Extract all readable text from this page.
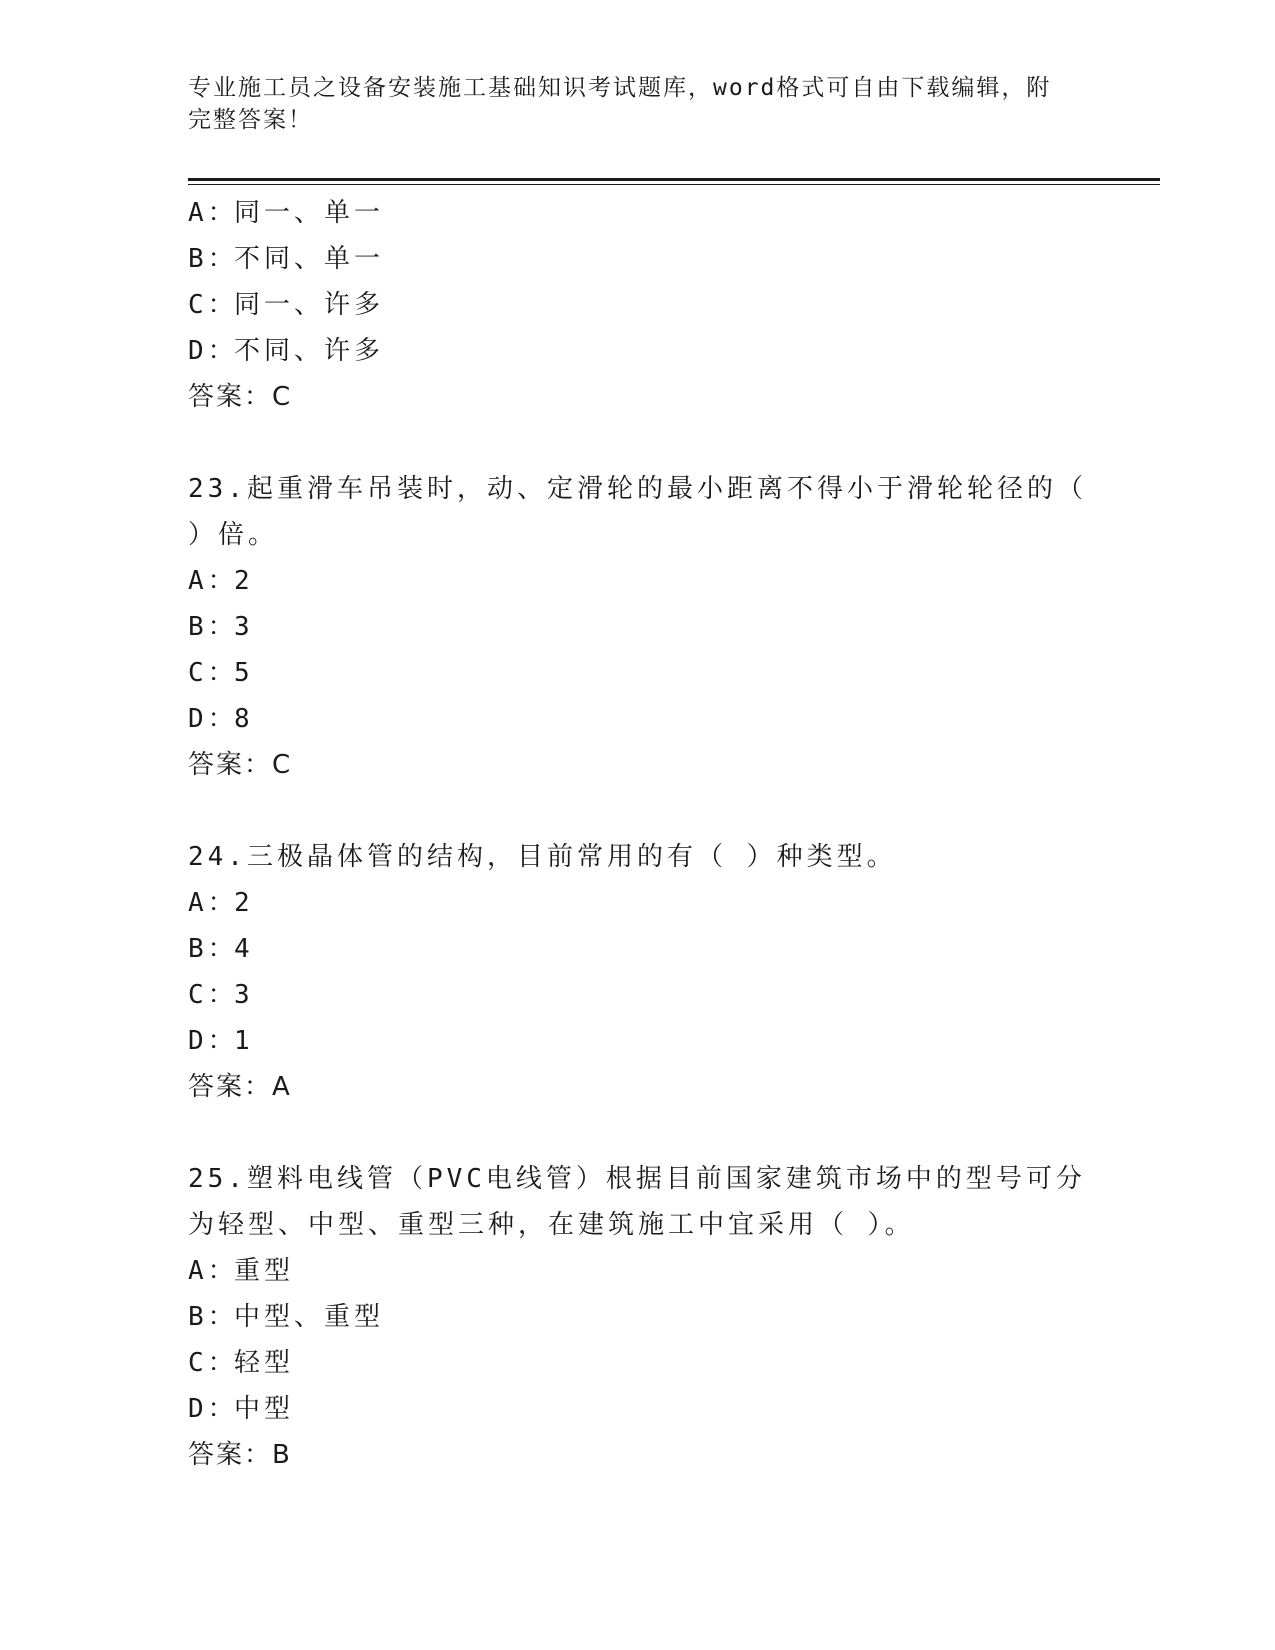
专业施工员之设备安装施工基础知识考试题库，word格式可自由下载编辑，附完整答案！
A：同一、单一
B：不同、单一
C：同一、许多
D：不同、许多
答案：C
23.起重滑车吊装时，动、定滑轮的最小距离不得小于滑轮轮径的（ ）倍。
A：2
B：3
C：5
D：8
答案：C
24.三极晶体管的结构，目前常用的有（ ）种类型。
A：2
B：4
C：3
D：1
答案：A
25.塑料电线管（PVC电线管）根据目前国家建筑市场中的型号可分为轻型、中型、重型三种，在建筑施工中宜采用（ ）。
A：重型
B：中型、重型
C：轻型
D：中型
答案：B
